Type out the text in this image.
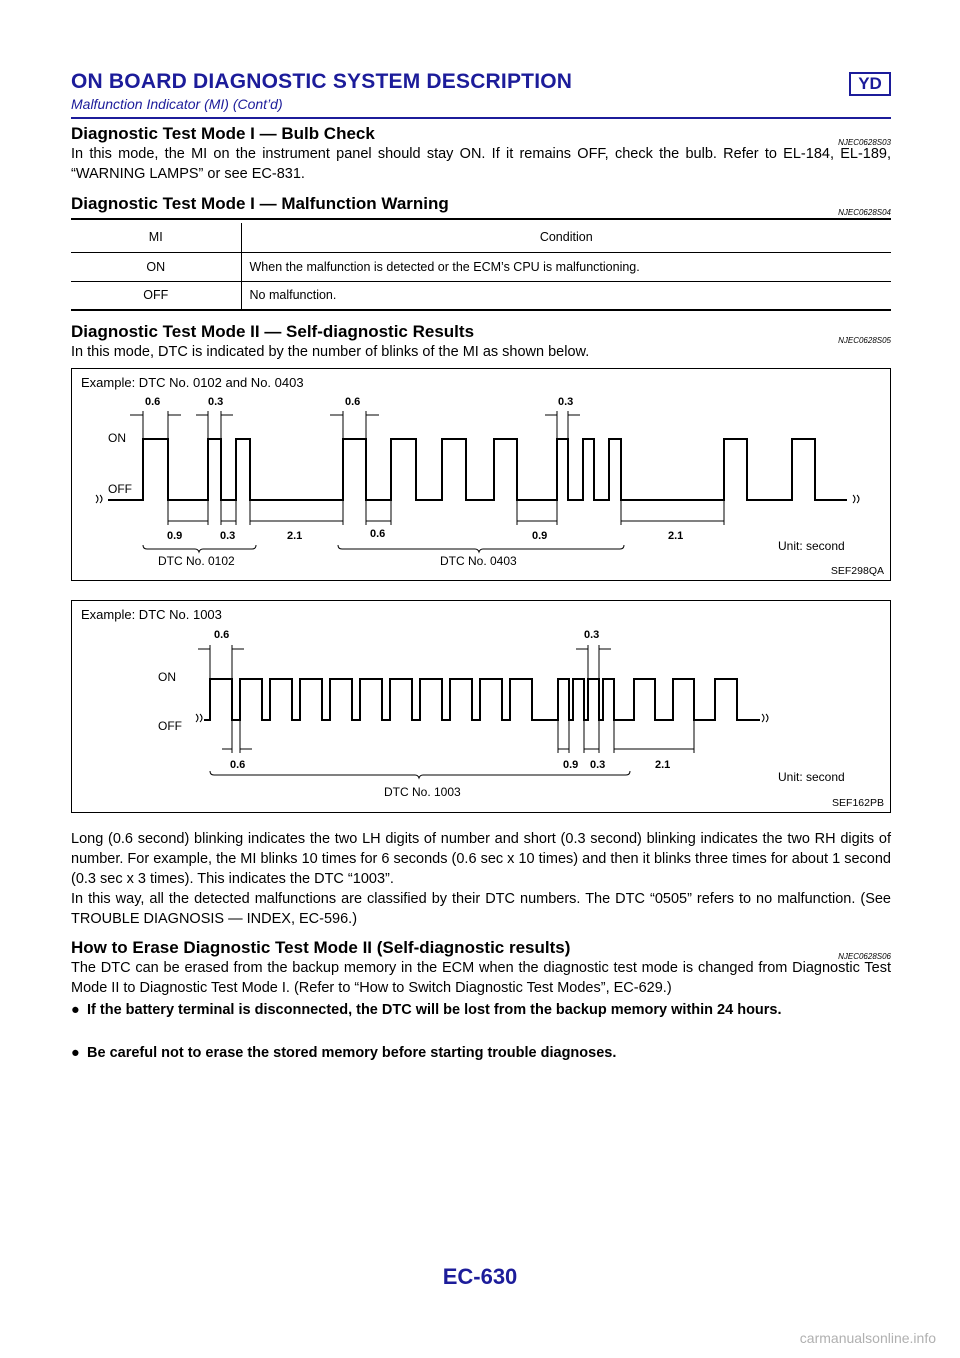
ON BOARD DIAGNOSTIC SYSTEM DESCRIPTION
Malfunction Indicator (MI) (Cont’d)
YD
Diagnostic Test Mode I — Bulb Check	NJEC0628S03
In this mode, the MI on the instrument panel should stay ON. If it remains OFF, check the bulb. Refer to EL-184, EL-189, “WARNING LAMPS” or see EC-831.
Diagnostic Test Mode I — Malfunction Warning	NJEC0628S04
MI	Condition
ON	When the malfunction is detected or the ECM’s CPU is malfunctioning.
OFF	No malfunction.
Diagnostic Test Mode II — Self-diagnostic Results	NJEC0628S05
In this mode, DTC is indicated by the number of blinks of the MI as shown below.
Example: DTC No. 0102 and No. 0403
ON
OFF
0.6	0.3	0.6	0.3
0.9	0.3	2.1	0.6	0.9	2.1
DTC No. 0102	DTC No. 0403
Unit: second
SEF298QA
Example: DTC No. 1003
ON
OFF
0.6	0.3
0.6	0.9 0.3	2.1
DTC No. 1003
Unit: second
SEF162PB
Long (0.6 second) blinking indicates the two LH digits of number and short (0.3 second) blinking indicates the two RH digits of number. For example, the MI blinks 10 times for 6 seconds (0.6 sec x 10 times) and then it blinks three times for about 1 second (0.3 sec x 3 times). This indicates the DTC “1003”.
In this way, all the detected malfunctions are classified by their DTC numbers. The DTC “0505” refers to no malfunction. (See TROUBLE DIAGNOSIS — INDEX, EC-596.)
How to Erase Diagnostic Test Mode II (Self-diagnostic results)	NJEC0628S06
The DTC can be erased from the backup memory in the ECM when the diagnostic test mode is changed from Diagnostic Test Mode II to Diagnostic Test Mode I. (Refer to “How to Switch Diagnostic Test Modes”, EC-629.)
● If the battery terminal is disconnected, the DTC will be lost from the backup memory within 24 hours.
● Be careful not to erase the stored memory before starting trouble diagnoses.
EC-630
carmanualsonline.info
